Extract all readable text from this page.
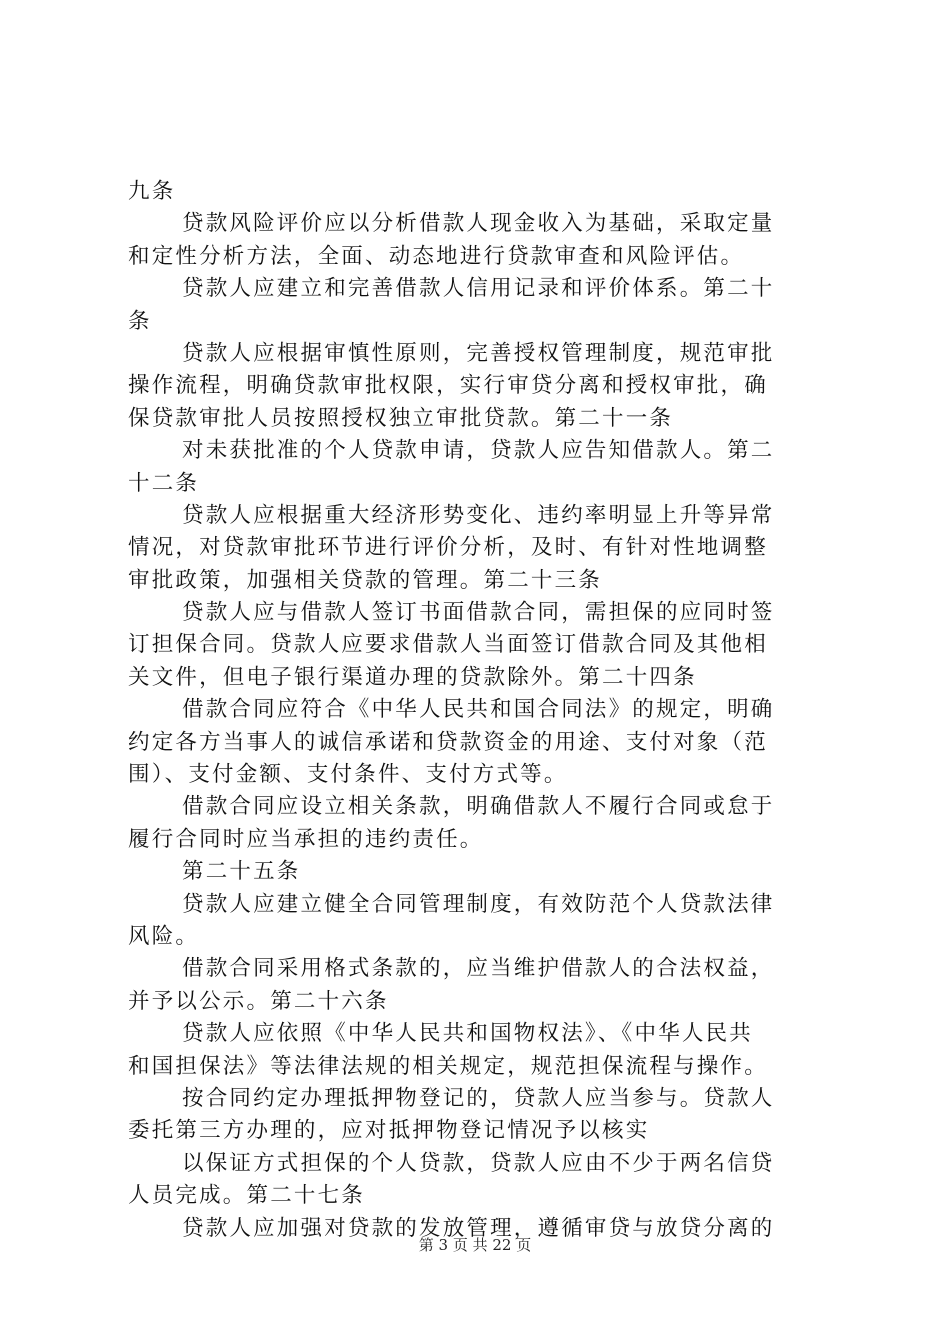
九条
贷款风险评价应以分析借款人现金收入为基础，采取定量
和定性分析方法，全面、动态地进行贷款审查和风险评估。
贷款人应建立和完善借款人信用记录和评价体系。第二十
条
贷款人应根据审慎性原则，完善授权管理制度，规范审批
操作流程，明确贷款审批权限，实行审贷分离和授权审批，确
保贷款审批人员按照授权独立审批贷款。第二十一条
对未获批准的个人贷款申请，贷款人应告知借款人。第二
十二条
贷款人应根据重大经济形势变化、违约率明显上升等异常
情况，对贷款审批环节进行评价分析，及时、有针对性地调整
审批政策，加强相关贷款的管理。第二十三条
贷款人应与借款人签订书面借款合同，需担保的应同时签
订担保合同。贷款人应要求借款人当面签订借款合同及其他相
关文件，但电子银行渠道办理的贷款除外。第二十四条
借款合同应符合《中华人民共和国合同法》的规定，明确
约定各方当事人的诚信承诺和贷款资金的用途、支付对象（范
围）、支付金额、支付条件、支付方式等。
借款合同应设立相关条款，明确借款人不履行合同或怠于
履行合同时应当承担的违约责任。
第二十五条
贷款人应建立健全合同管理制度，有效防范个人贷款法律
风险。
借款合同采用格式条款的，应当维护借款人的合法权益，
并予以公示。第二十六条
贷款人应依照《中华人民共和国物权法》、《中华人民共
和国担保法》等法律法规的相关规定，规范担保流程与操作。
按合同约定办理抵押物登记的，贷款人应当参与。贷款人
委托第三方办理的，应对抵押物登记情况予以核实
以保证方式担保的个人贷款，贷款人应由不少于两名信贷
人员完成。第二十七条
贷款人应加强对贷款的发放管理，遵循审贷与放贷分离的
第 3 页 共 22 页
